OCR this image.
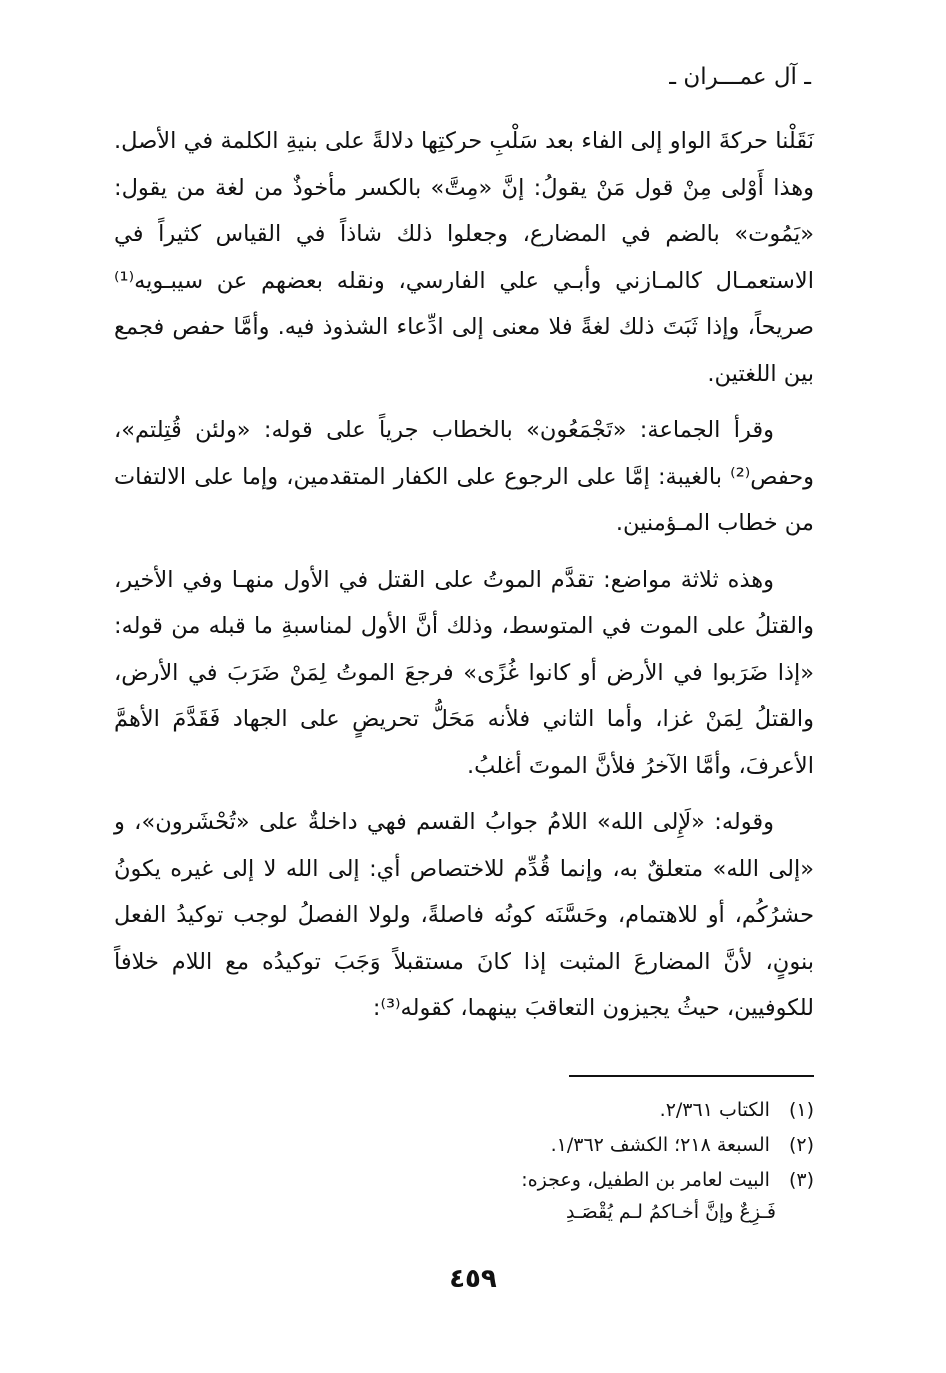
ـ آل عمـــران ـ

نَقَلْنا حركةَ الواو إلى الفاء بعد سَلْبِ حركتِها دلالةً على بنيةِ الكلمة في الأصل. وهذا أَوْلى مِنْ قول مَنْ يقولُ: إنَّ «مِتَّ» بالكسر مأخوذٌ من لغة من يقول: «يَمُوت» بالضم في المضارع، وجعلوا ذلك شاذاً في القياس كثيراً في الاستعمـال كالمـازني وأبـي علي الفارسي، ونقله بعضهم عن سيبـويه⁽¹⁾ صريحاً، وإذا ثَبَتَ ذلك لغةً فلا معنى إلى ادِّعاء الشذوذ فيه. وأمَّا حفص فجمع بين اللغتين.

وقرأ الجماعة: «تَجْمَعُون» بالخطاب جرياً على قوله: «ولئن قُتِلتم»، وحفص⁽²⁾ بالغيبة: إمَّا على الرجوع على الكفار المتقدمين، وإما على الالتفات من خطاب المـؤمنين.

وهذه ثلاثة مواضع: تقدَّم الموتُ على القتل في الأول منهـا وفي الأخير، والقتلُ على الموت في المتوسط، وذلك أنَّ الأول لمناسبةِ ما قبله من قوله: «إذا ضَرَبوا في الأرض أو كانوا غُزًى» فرجعَ الموتُ لِمَنْ ضَرَبَ في الأرض، والقتلُ لِمَنْ غزا، وأما الثاني فلأنه مَحَلُّ تحريضٍ على الجهاد فَقَدَّمَ الأهمَّ الأعرفَ، وأمَّا الآخرُ فلأنَّ الموتَ أغلبُ.

وقوله: «لَإِلى الله» اللامُ جوابُ القسم فهي داخلةٌ على «تُحْشَرون»، و «إلى الله» متعلقٌ به، وإنما قُدِّم للاختصاص أي: إلى الله لا إلى غيره يكونُ حشرُكُم، أو للاهتمام، وحَسَّنَه كونُه فاصلةً، ولولا الفصلُ لوجب توكيدُ الفعل بنونٍ، لأنَّ المضارعَ المثبت إذا كانَ مستقبلاً وَجَبَ توكيدُه مع اللام خلافاً للكوفيين، حيثُ يجيزون التعاقبَ بينهما، كقوله⁽³⁾:

(١) الكتاب ٢/٣٦١.

(٢) السبعة ٢١٨؛ الكشف ١/٣٦٢.

(٣) البيت لعامر بن الطفيل، وعجزه:

فَـزِعٌ وإنَّ أخـاكمُ لـم يُقْصَـدِ
٤٥٩
